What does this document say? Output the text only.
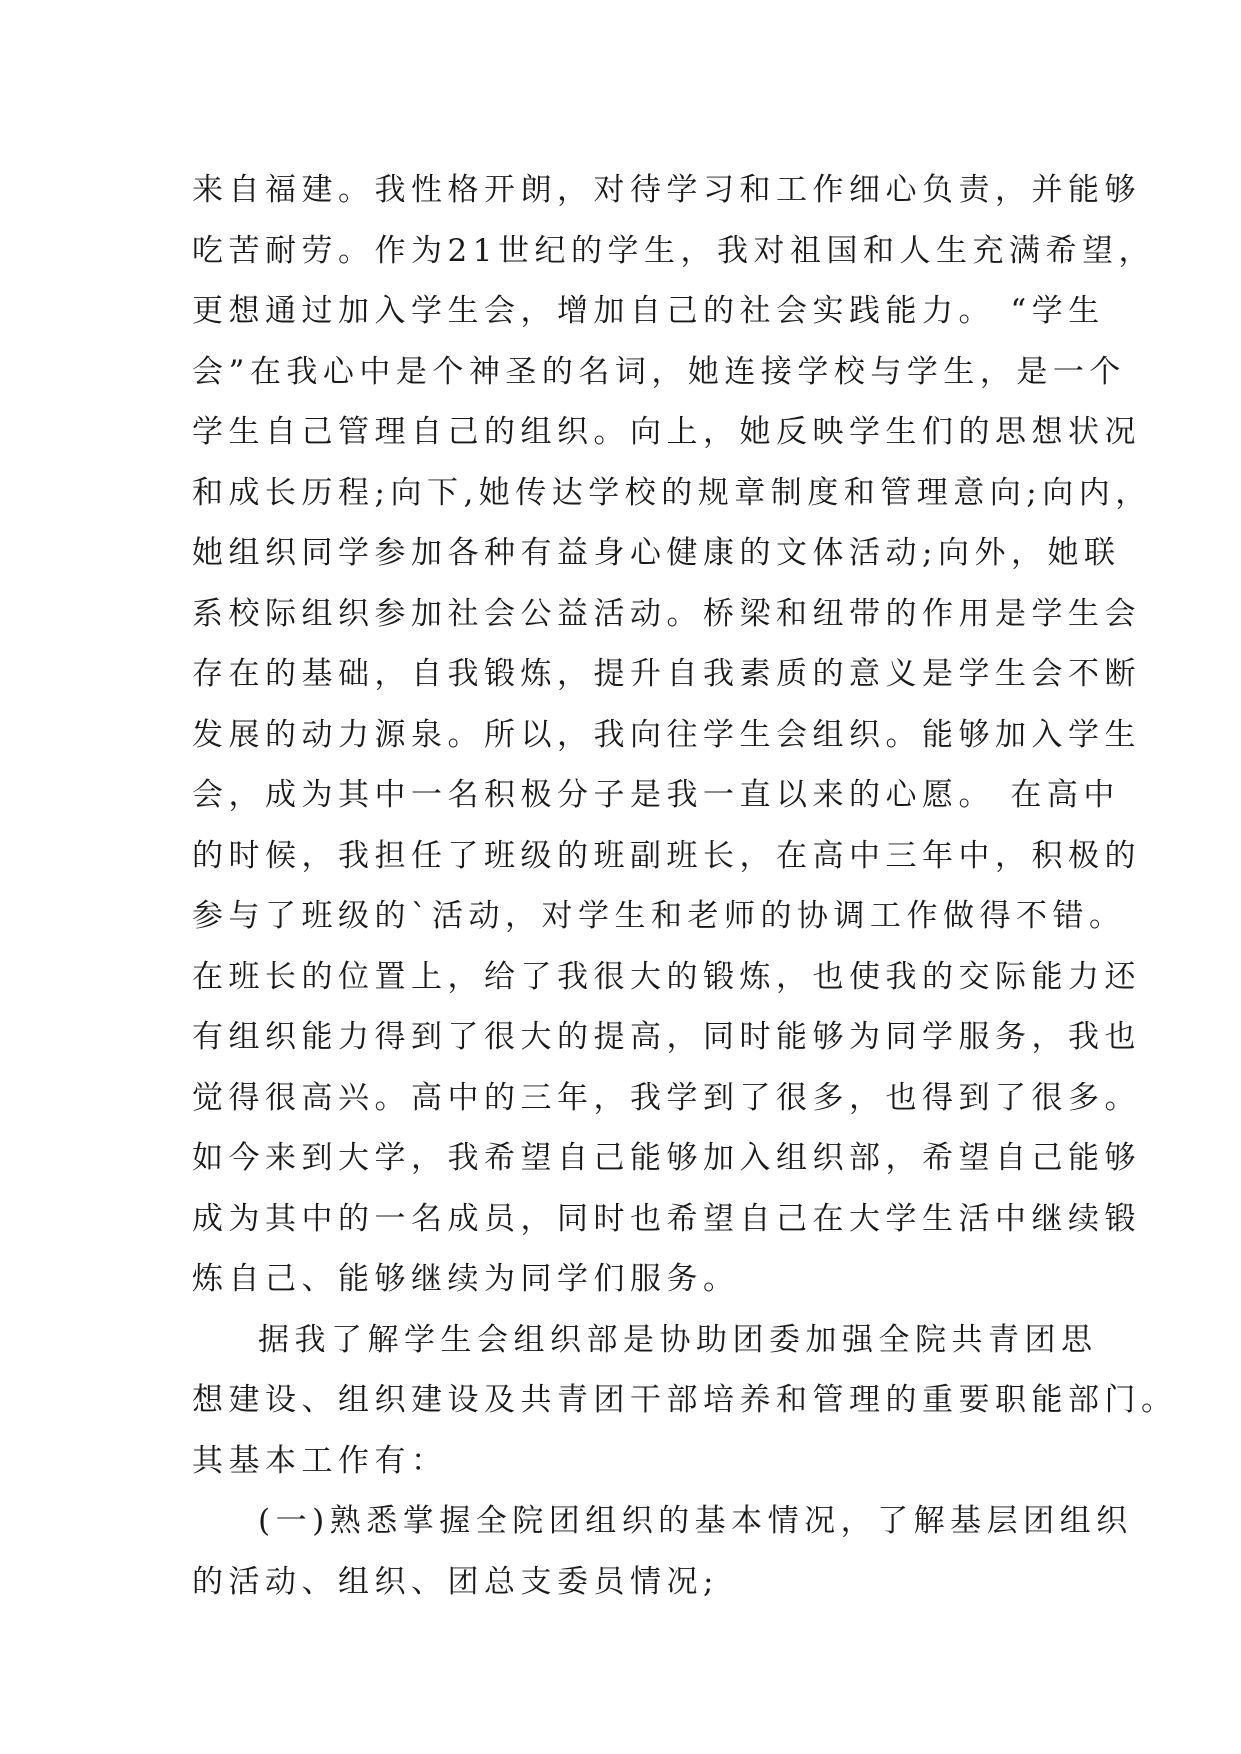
来自福建。我性格开朗，对待学习和工作细心负责，并能够
吃苦耐劳。作为21世纪的学生，我对祖国和人生充满希望，
更想通过加入学生会，增加自己的社会实践能力。 “学生
会”在我心中是个神圣的名词，她连接学校与学生，是一个
学生自己管理自己的组织。向上，她反映学生们的思想状况
和成长历程;向下,她传达学校的规章制度和管理意向;向内，
她组织同学参加各种有益身心健康的文体活动;向外，她联
系校际组织参加社会公益活动。桥梁和纽带的作用是学生会
存在的基础，自我锻炼，提升自我素质的意义是学生会不断
发展的动力源泉。所以，我向往学生会组织。能够加入学生
会，成为其中一名积极分子是我一直以来的心愿。 在高中
的时候，我担任了班级的班副班长，在高中三年中，积极的
参与了班级的`活动，对学生和老师的协调工作做得不错。
在班长的位置上，给了我很大的锻炼，也使我的交际能力还
有组织能力得到了很大的提高，同时能够为同学服务，我也
觉得很高兴。高中的三年，我学到了很多，也得到了很多。
如今来到大学，我希望自己能够加入组织部，希望自己能够
成为其中的一名成员，同时也希望自己在大学生活中继续锻
炼自己、能够继续为同学们服务。
据我了解学生会组织部是协助团委加强全院共青团思
想建设、组织建设及共青团干部培养和管理的重要职能部门。
其基本工作有：
(一)熟悉掌握全院团组织的基本情况，了解基层团组织
的活动、组织、团总支委员情况;
